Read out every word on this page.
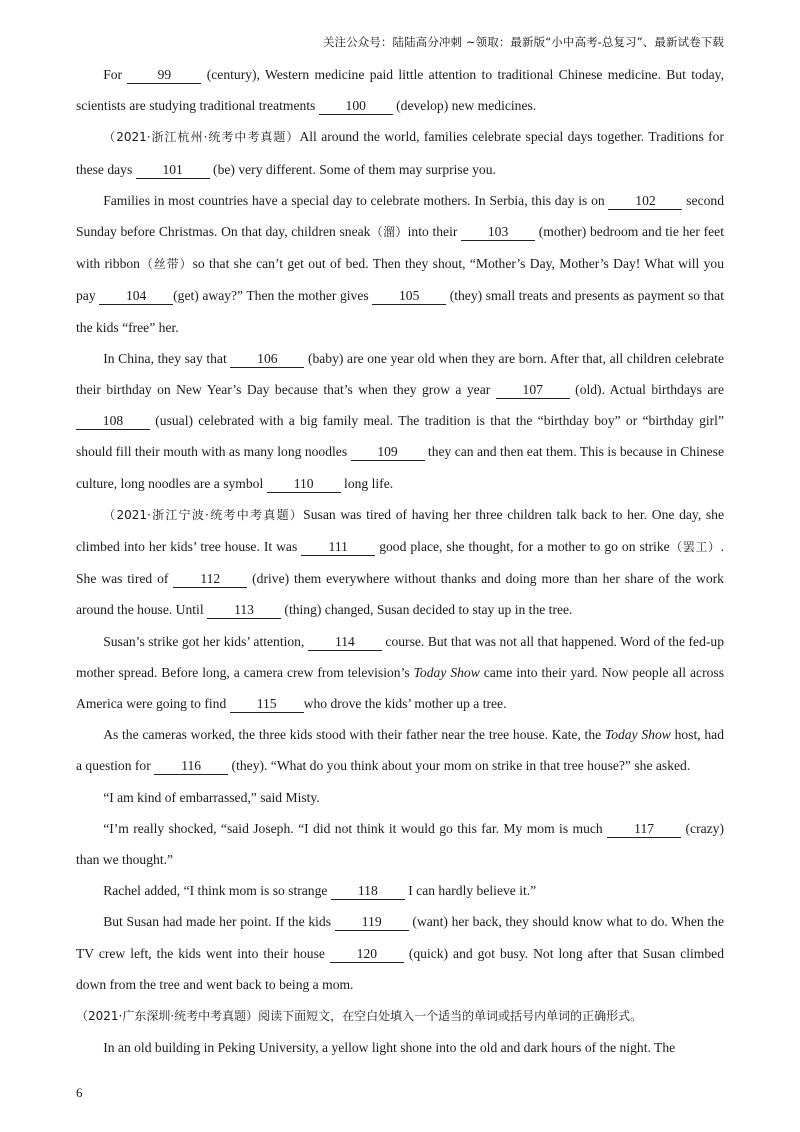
关注公众号：陆陆高分冲刺 ~领取：最新版“小中高考-总复习”、最新试卷下载

For 99 (century), Western medicine paid little attention to traditional Chinese medicine. But today, scientists are studying traditional treatments 100 (develop) new medicines.

（2021·浙江杭州·统考中考真题）All around the world, families celebrate special days together. Traditions for these days 101 (be) very different. Some of them may surprise you.

Families in most countries have a special day to celebrate mothers. In Serbia, this day is on 102 second Sunday before Christmas. On that day, children sneak（溜）into their 103 (mother) bedroom and tie her feet with ribbon（丝带）so that she can’t get out of bed. Then they shout, “Mother’s Day, Mother’s Day! What will you pay 104 (get) away?” Then the mother gives 105 (they) small treats and presents as payment so that the kids “free” her.

In China, they say that 106 (baby) are one year old when they are born. After that, all children celebrate their birthday on New Year’s Day because that’s when they grow a year 107 (old). Actual birthdays are 108 (usual) celebrated with a big family meal. The tradition is that the “birthday boy” or “birthday girl” should fill their mouth with as many long noodles 109 they can and then eat them. This is because in Chinese culture, long noodles are a symbol 110 long life.

（2021·浙江宁波·统考中考真题）Susan was tired of having her three children talk back to her. One day, she climbed into her kids’ tree house. It was 111 good place, she thought, for a mother to go on strike（罢工）. She was tired of 112 (drive) them everywhere without thanks and doing more than her share of the work around the house. Until 113 (thing) changed, Susan decided to stay up in the tree.

Susan’s strike got her kids’ attention, 114 course. But that was not all that happened. Word of the fed-up mother spread. Before long, a camera crew from television’s Today Show came into their yard. Now people all across America were going to find 115 who drove the kids’ mother up a tree.

As the cameras worked, the three kids stood with their father near the tree house. Kate, the Today Show host, had a question for 116 (they). “What do you think about your mom on strike in that tree house?” she asked.

“I am kind of embarrassed,” said Misty.

“I’m really shocked, “said Joseph. “I did not think it would go this far. My mom is much 117 (crazy) than we thought.”

Rachel added, “I think mom is so strange 118 I can hardly believe it.”

But Susan had made her point. If the kids 119 (want) her back, they should know what to do. When the TV crew left, the kids went into their house 120 (quick) and got busy. Not long after that Susan climbed down from the tree and went back to being a mom.

（2021·广东深圳·统考中考真题）阅读下面短文，在空白处填入一个适当的单词或括号内单词的正确形式。

In an old building in Peking University, a yellow light shone into the old and dark hours of the night. The

6
